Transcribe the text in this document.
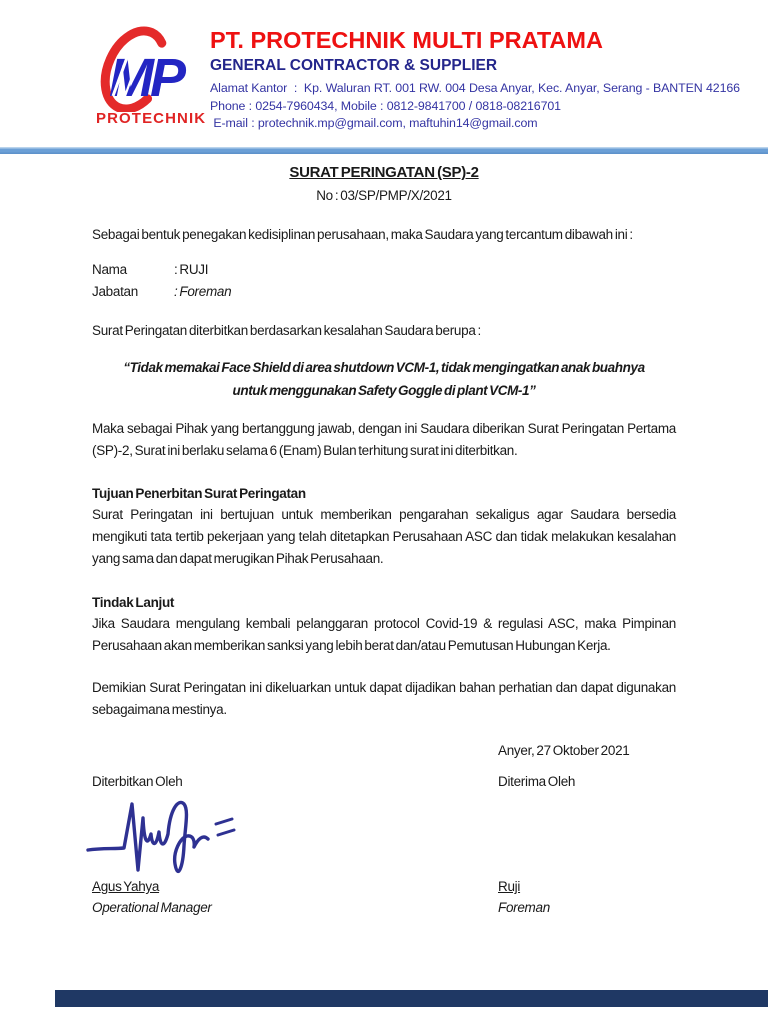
MP
PROTECHNIK
PT. PROTECHNIK MULTI PRATAMA
GENERAL CONTRACTOR & SUPPLIER
Alamat Kantor  :  Kp. Waluran RT. 001 RW. 004 Desa Anyar, Kec. Anyar, Serang - BANTEN 42166
Phone : 0254-7960434, Mobile : 0812-9841700 / 0818-08216701
E-mail : protechnik.mp@gmail.com, maftuhin14@gmail.com
SURAT PERINGATAN (SP)-2
No : 03/SP/PMP/X/2021
Sebagai bentuk penegakan kedisiplinan perusahaan, maka Saudara yang tercantum dibawah ini :
Nama	: RUJI
Jabatan	: Foreman
Surat Peringatan diterbitkan berdasarkan kesalahan Saudara berupa :
“Tidak memakai Face Shield di area shutdown VCM-1, tidak mengingatkan anak buahnya
untuk menggunakan Safety Goggle di plant VCM-1”
Maka sebagai Pihak yang bertanggung jawab, dengan ini Saudara diberikan Surat Peringatan Pertama (SP)-2, Surat ini berlaku selama 6 (Enam) Bulan terhitung surat ini diterbitkan.
Tujuan Penerbitan Surat Peringatan
Surat Peringatan ini bertujuan untuk memberikan pengarahan sekaligus agar Saudara bersedia mengikuti tata tertib pekerjaan yang telah ditetapkan Perusahaan ASC dan tidak melakukan kesalahan yang sama dan dapat merugikan Pihak Perusahaan.
Tindak Lanjut
Jika Saudara mengulang kembali pelanggaran protocol Covid-19 & regulasi ASC, maka Pimpinan Perusahaan akan memberikan sanksi yang lebih berat dan/atau Pemutusan Hubungan Kerja.
Demikian Surat Peringatan ini dikeluarkan untuk dapat dijadikan bahan perhatian dan dapat digunakan sebagaimana mestinya.
Anyer, 27 Oktober 2021
Diterbitkan Oleh	Diterima Oleh
Agus Yahya	Ruji
Operational Manager	Foreman
